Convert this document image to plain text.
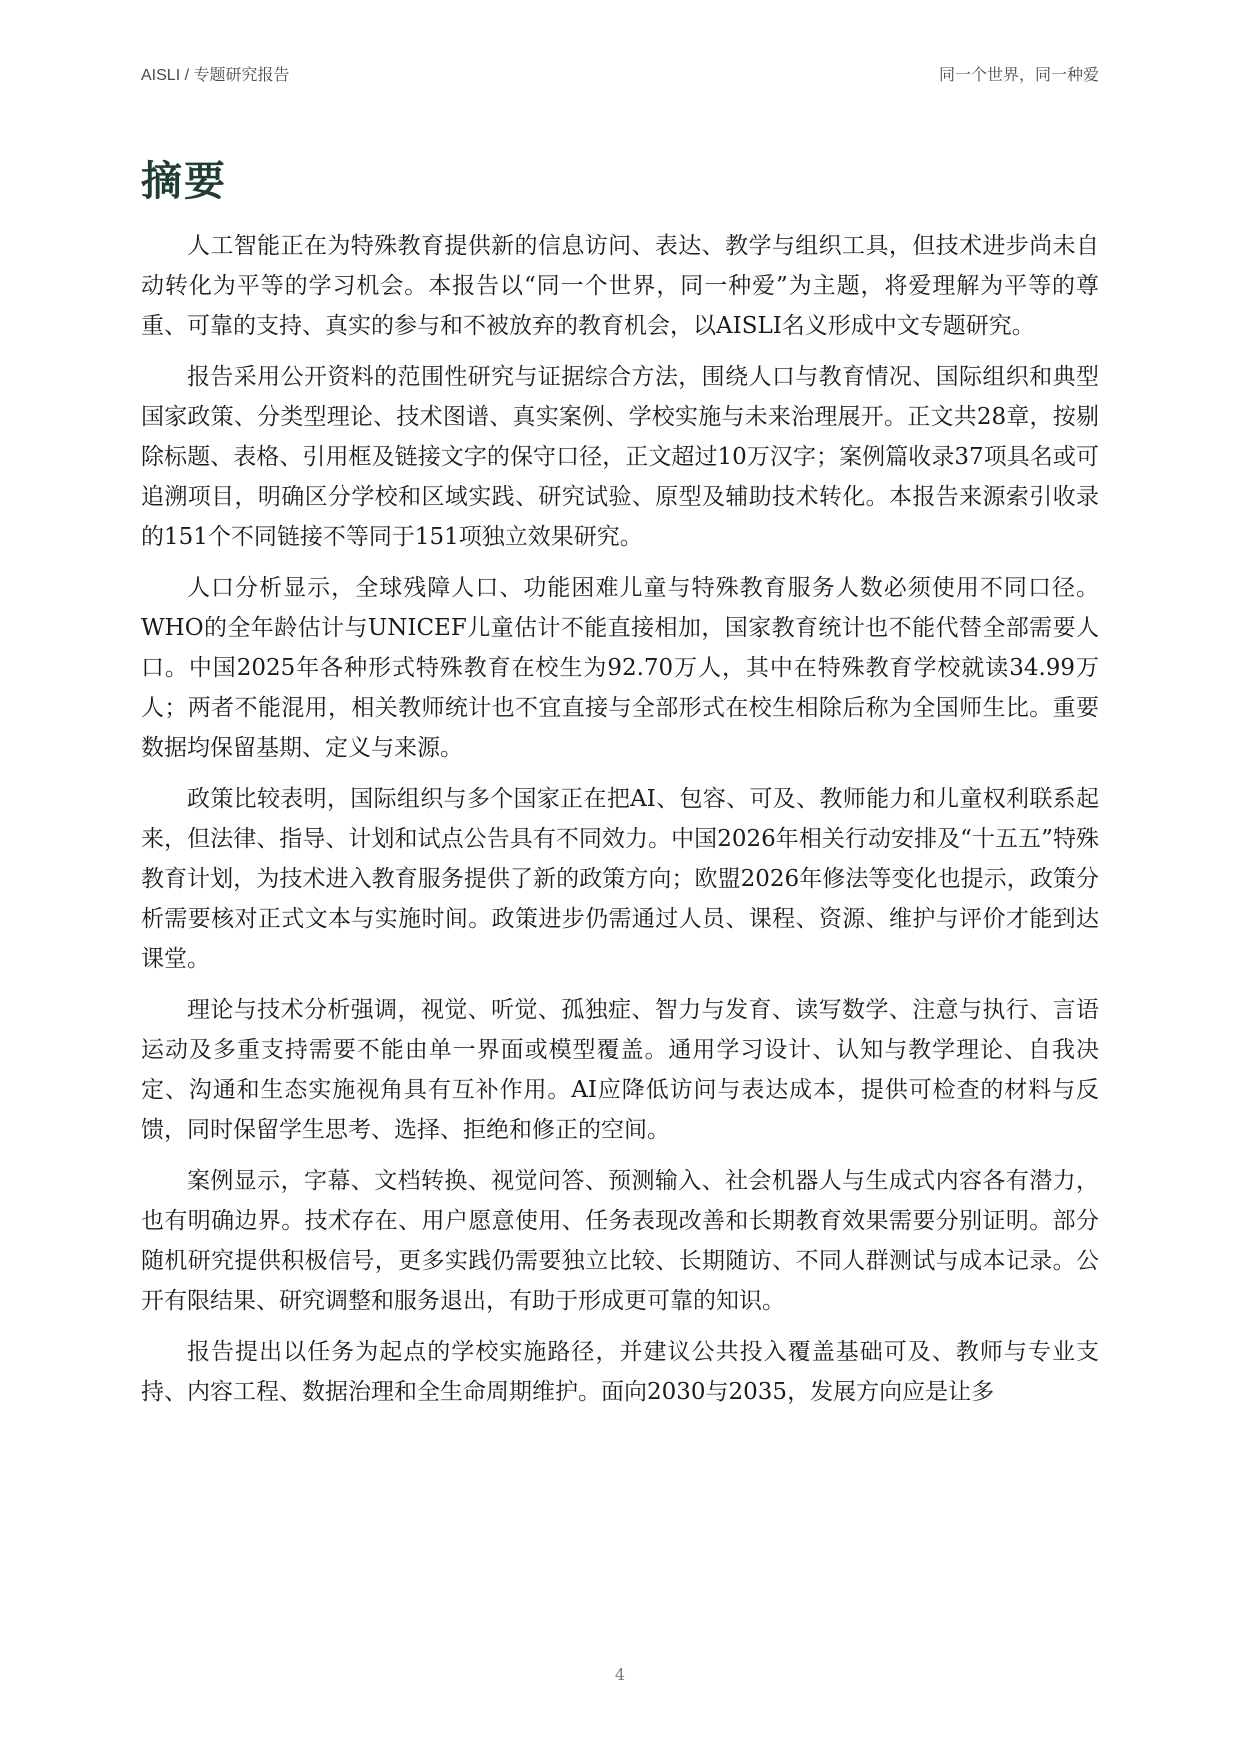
AISLI / 专题研究报告	同一个世界，同一种爱
摘要

人工智能正在为特殊教育提供新的信息访问、表达、教学与组织工具，但技术进步尚未自动转化为平等的学习机会。本报告以“同一个世界，同一种爱”为主题，将爱理解为平等的尊重、可靠的支持、真实的参与和不被放弃的教育机会，以AISLI名义形成中文专题研究。

报告采用公开资料的范围性研究与证据综合方法，围绕人口与教育情况、国际组织和典型国家政策、分类型理论、技术图谱、真实案例、学校实施与未来治理展开。正文共28章，按剔除标题、表格、引用框及链接文字的保守口径，正文超过10万汉字；案例篇收录37项具名或可追溯项目，明确区分学校和区域实践、研究试验、原型及辅助技术转化。本报告来源索引收录的151个不同链接不等同于151项独立效果研究。

人口分析显示，全球残障人口、功能困难儿童与特殊教育服务人数必须使用不同口径。WHO的全年龄估计与UNICEF儿童估计不能直接相加，国家教育统计也不能代替全部需要人口。中国2025年各种形式特殊教育在校生为92.70万人，其中在特殊教育学校就读34.99万人；两者不能混用，相关教师统计也不宜直接与全部形式在校生相除后称为全国师生比。重要数据均保留基期、定义与来源。

政策比较表明，国际组织与多个国家正在把AI、包容、可及、教师能力和儿童权利联系起来，但法律、指导、计划和试点公告具有不同效力。中国2026年相关行动安排及“十五五”特殊教育计划，为技术进入教育服务提供了新的政策方向；欧盟2026年修法等变化也提示，政策分析需要核对正式文本与实施时间。政策进步仍需通过人员、课程、资源、维护与评价才能到达课堂。

理论与技术分析强调，视觉、听觉、孤独症、智力与发育、读写数学、注意与执行、言语运动及多重支持需要不能由单一界面或模型覆盖。通用学习设计、认知与教学理论、自我决定、沟通和生态实施视角具有互补作用。AI应降低访问与表达成本，提供可检查的材料与反馈，同时保留学生思考、选择、拒绝和修正的空间。

案例显示，字幕、文档转换、视觉问答、预测输入、社会机器人与生成式内容各有潜力，也有明确边界。技术存在、用户愿意使用、任务表现改善和长期教育效果需要分别证明。部分随机研究提供积极信号，更多实践仍需要独立比较、长期随访、不同人群测试与成本记录。公开有限结果、研究调整和服务退出，有助于形成更可靠的知识。

报告提出以任务为起点的学校实施路径，并建议公共投入覆盖基础可及、教师与专业支持、内容工程、数据治理和全生命周期维护。面向2030与2035，发展方向应是让多

4
